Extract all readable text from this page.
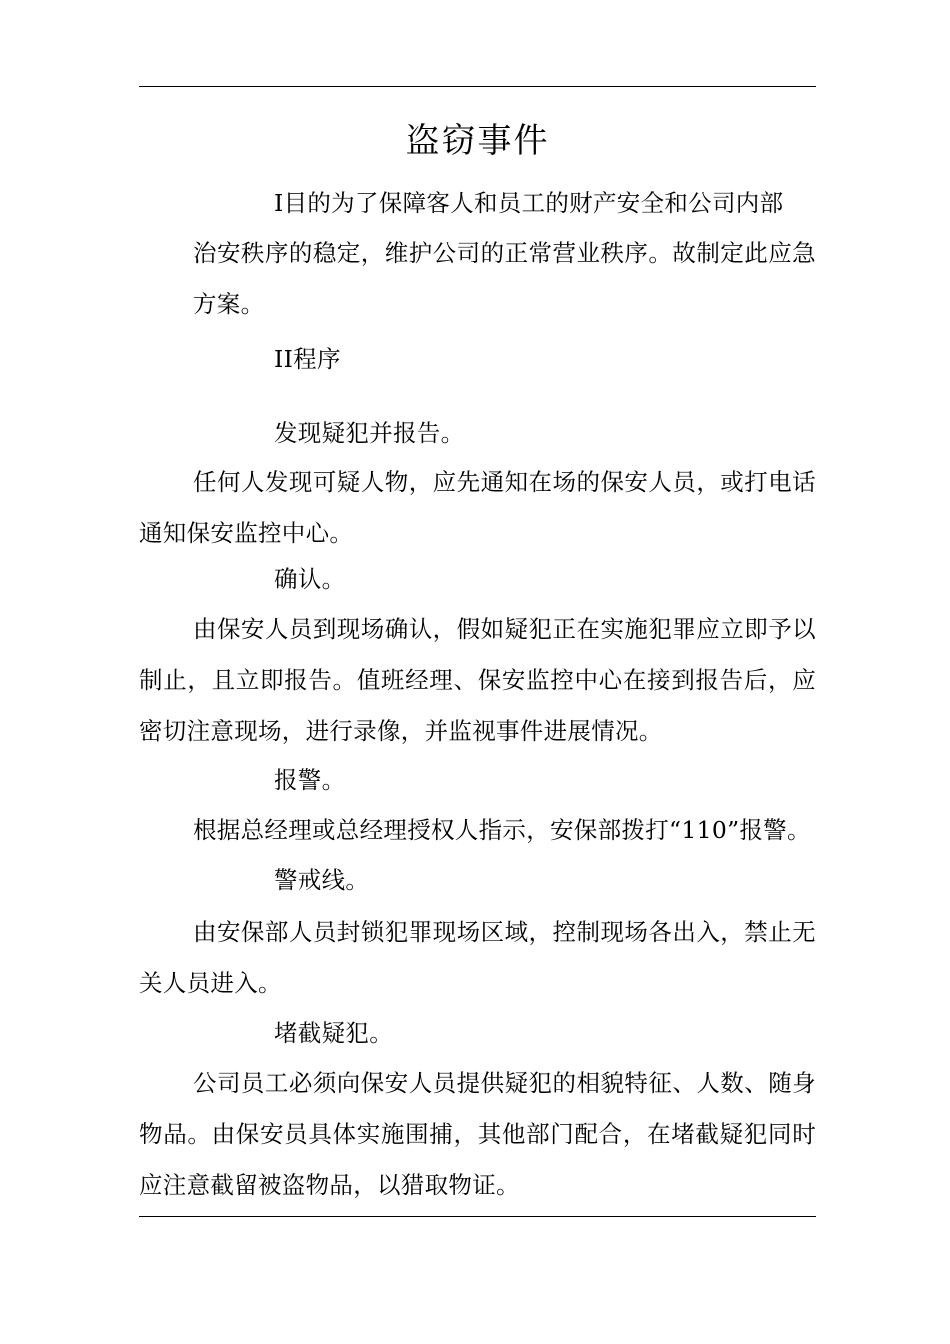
盗窃事件

I目的为了保障客人和员工的财产安全和公司内部

治安秩序的稳定，维护公司的正常营业秩序。故制定此应急方案。

II程序

发现疑犯并报告。

任何人发现可疑人物，应先通知在场的保安人员，或打电话通知保安监控中心。

确认。

由保安人员到现场确认，假如疑犯正在实施犯罪应立即予以制止，且立即报告。值班经理、保安监控中心在接到报告后，应密切注意现场，进行录像，并监视事件进展情况。

报警。

根据总经理或总经理授权人指示，安保部拨打“110”报警。

警戒线。

由安保部人员封锁犯罪现场区域，控制现场各出入，禁止无关人员进入。

堵截疑犯。

公司员工必须向保安人员提供疑犯的相貌特征、人数、随身物品。由保安员具体实施围捕，其他部门配合，在堵截疑犯同时应注意截留被盗物品，以猎取物证。
